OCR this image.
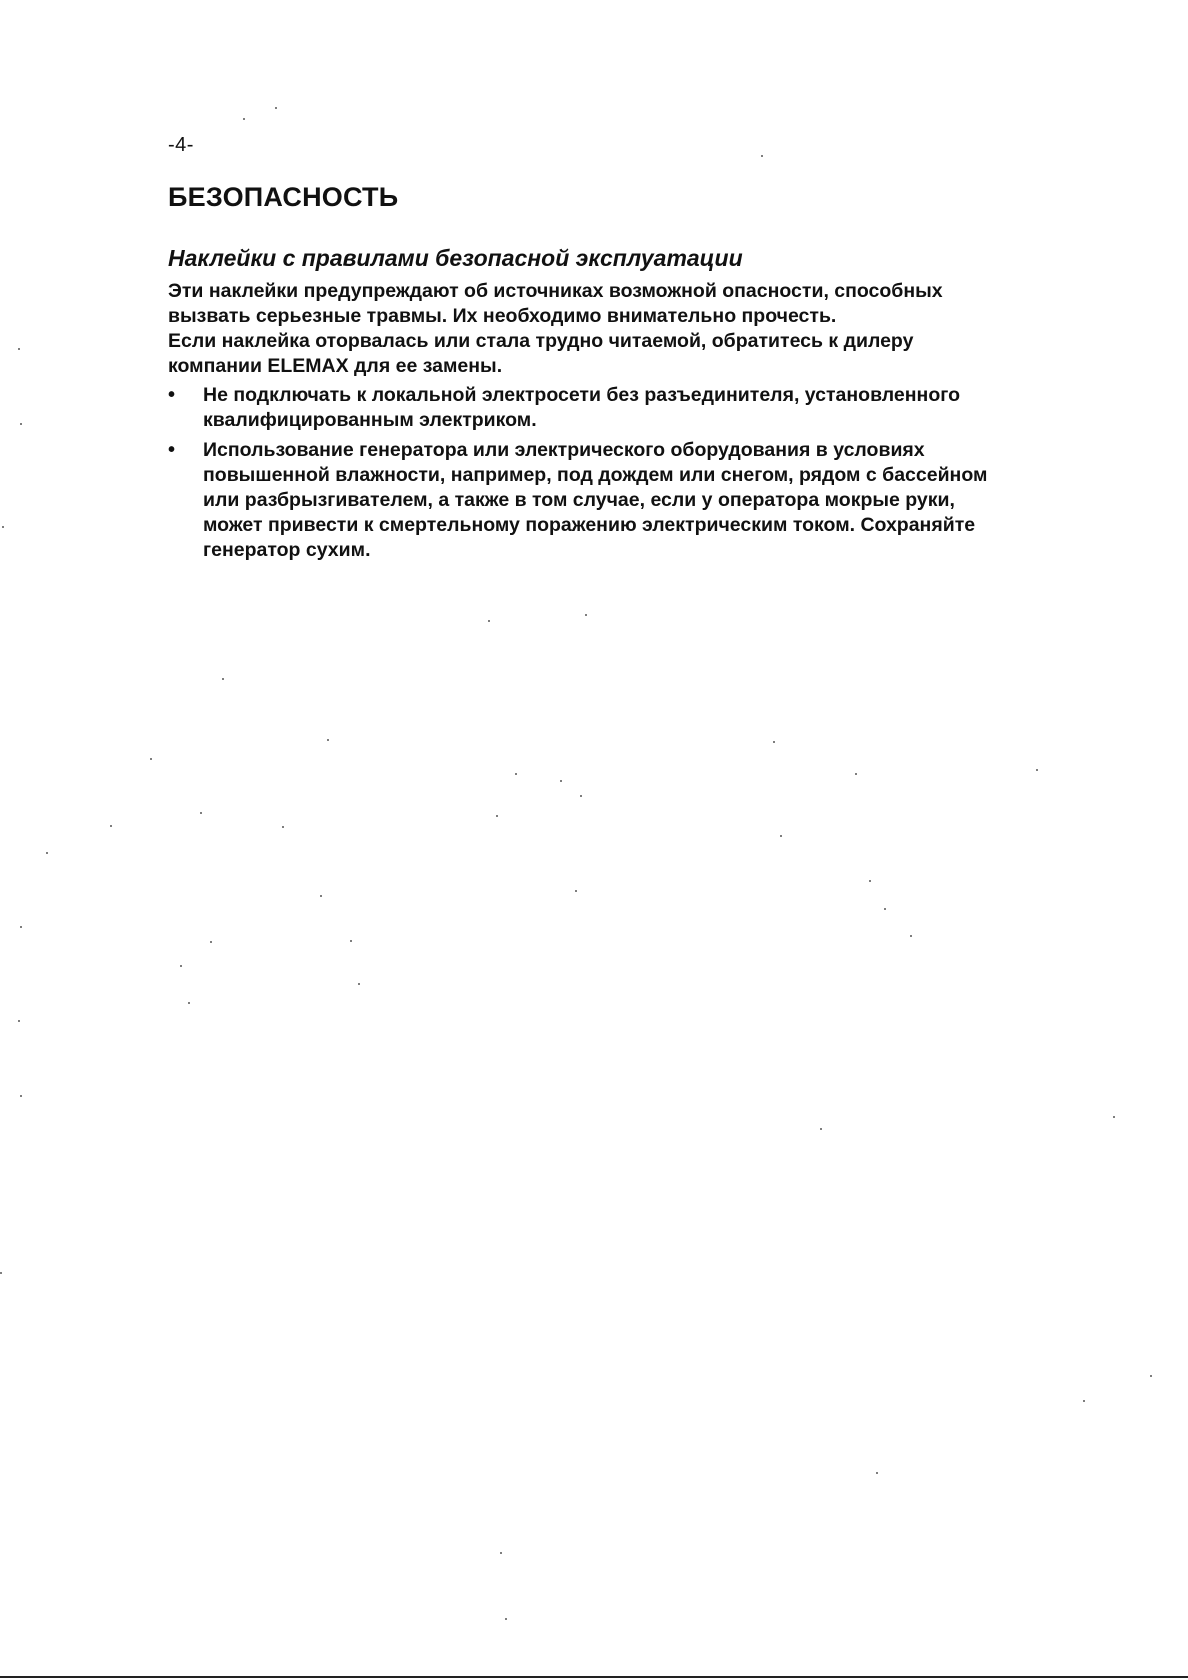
-4-
БЕЗОПАСНОСТЬ
Наклейки с правилами безопасной эксплуатации

Эти наклейки предупреждают об источниках возможной опасности, способных вызвать серьезные травмы. Их необходимо внимательно прочесть.

Если наклейка оторвалась или стала трудно читаемой, обратитесь к дилеру компании ELEMAX для ее замены.

•	Не подключать к локальной электросети без разъединителя, установленного квалифицированным электриком.
•	Использование генератора или электрического оборудования в условиях повышенной влажности, например, под дождем или снегом, рядом с бассейном или разбрызгивателем, а также в том случае, если у оператора мокрые руки, может привести к смертельному поражению электрическим током. Сохраняйте генератор сухим.
